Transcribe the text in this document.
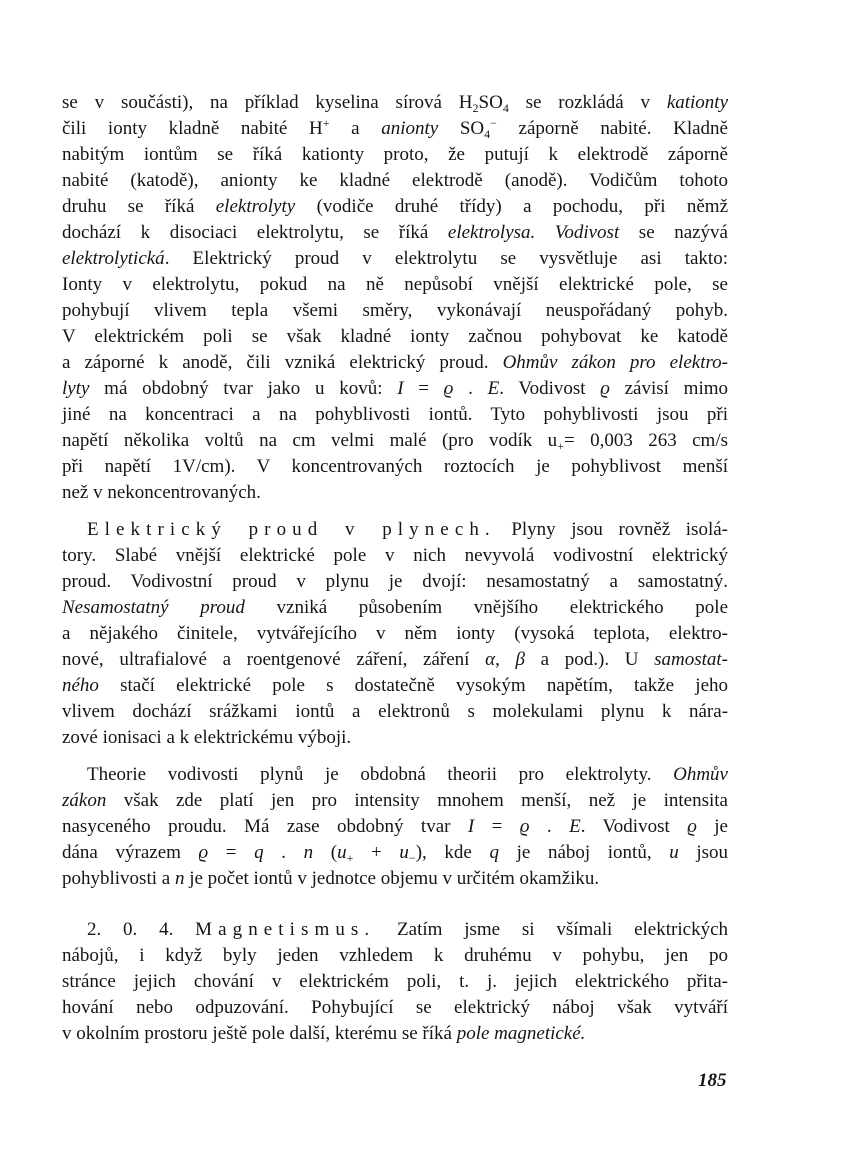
se v součásti), na příklad kyselina sírová $H_2SO_4$ se rozkládá v kationty
čili ionty kladně nabité H+ a anionty $SO_4^-$ záporně nabité. Kladně
nabitým iontům se říká kationty proto, že putují k elektrodě záporně
nabité (katodě), anionty ke kladné elektrodě (anodě). Vodičům tohoto
druhu se říká elektrolyty (vodiče druhé třídy) a pochodu, při němž
dochází k disociaci elektrolytu, se říká elektrolysa. Vodivost se nazývá
elektrolytická. Elektrický proud v elektrolytu se vysvětluje asi takto:
Ionty v elektrolytu, pokud na ně nepůsobí vnější elektrické pole, se
pohybují vlivem tepla všemi směry, vykonávají neuspořádaný pohyb.
V elektrickém poli se však kladné ionty začnou pohybovat ke katodě
a záporné k anodě, čili vzniká elektrický proud. Ohmův zákon pro elektro-
lyty má obdobný tvar jako u kovů: I = ϱ . E. Vodivost ϱ závisí mimo
jiné na koncentraci a na pohyblivosti iontů. Tyto pohyblivosti jsou při
napětí několika voltů na cm velmi malé (pro vodík $u_+= 0,003$ 263 cm/s
při napětí 1V/cm). V koncentrovaných roztocích je pohyblivost menší
než v nekoncentrovaných.
Elektrický proud v plynech. Plyny jsou rovněž isolá-
tory. Slabé vnější elektrické pole v nich nevyvolá vodivostní elektrický
proud. Vodivostní proud v plynu je dvojí: nesamostatný a samostatný.
Nesamostatný proud vzniká působením vnějšího elektrického pole
a nějakého činitele, vytvářejícího v něm ionty (vysoká teplota, elektro-
nové, ultrafialové a roentgenové záření, záření α, β a pod.). U samostat-
ného stačí elektrické pole s dostatečně vysokým napětím, takže jeho
vlivem dochází srážkami iontů a elektronů s molekulami plynu k nára-
zové ionisaci a k elektrickému výboji.
Theorie vodivosti plynů je obdobná theorii pro elektrolyty. Ohmův
zákon však zde platí jen pro intensity mnohem menší, než je intensita
nasyceného proudu. Má zase obdobný tvar I = ϱ . E. Vodivost ϱ je
dána výrazem ϱ = q . n $(u_+ + u_-)$, kde q je náboj iontů, u jsou
pohyblivosti a n je počet iontů v jednotce objemu v určitém okamžiku.
2. 0. 4. Magnetismus. Zatím jsme si všímali elektrických
nábojů, i když byly jeden vzhledem k druhému v pohybu, jen po
stránce jejich chování v elektrickém poli, t. j. jejich elektrického přita-
hování nebo odpuzování. Pohybující se elektrický náboj však vytváří
v okolním prostoru ještě pole další, kterému se říká pole magnetické.
185
